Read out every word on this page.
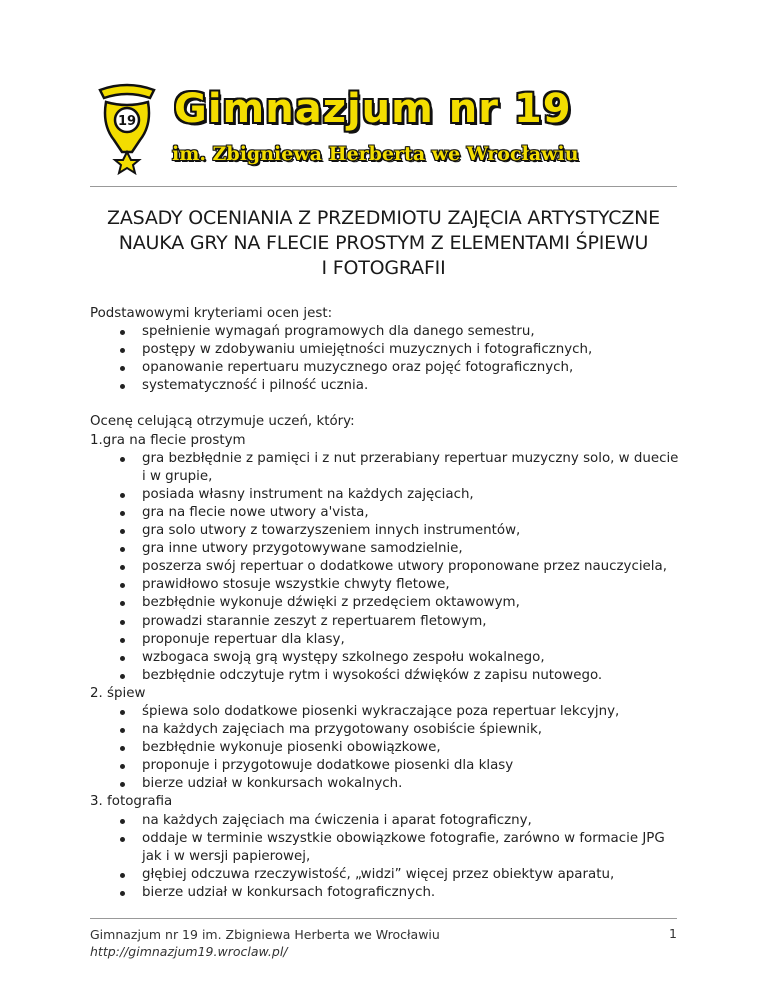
19 Gimnazjum nr 19

im. Zbigniewa Herberta we Wrocławiu

ZASADY OCENIANIA Z PRZEDMIOTU ZAJĘCIA ARTYSTYCZNE
NAUKA GRY NA FLECIE PROSTYM Z ELEMENTAMI ŚPIEWU
I FOTOGRAFII

Podstawowymi kryteriami ocen jest:

spełnienie wymagań programowych dla danego semestru,
postępy w zdobywaniu umiejętności muzycznych i fotograficznych,
opanowanie repertuaru muzycznego oraz pojęć fotograficznych,
systematyczność i pilność ucznia.

Ocenę celującą otrzymuje uczeń, który:

1.gra na flecie prostym

gra bezbłędnie z pamięci i z nut przerabiany repertuar muzyczny solo, w duecie i w grupie,
posiada własny instrument na każdych zajęciach,
gra na flecie nowe utwory a'vista,
gra solo utwory z towarzyszeniem innych instrumentów,
gra inne utwory przygotowywane samodzielnie,
poszerza swój repertuar o dodatkowe utwory proponowane przez nauczyciela,
prawidłowo stosuje wszystkie chwyty fletowe,
bezbłędnie wykonuje dźwięki z przedęciem oktawowym,
prowadzi starannie zeszyt z repertuarem fletowym,
proponuje repertuar dla klasy,
wzbogaca swoją grą występy szkolnego zespołu wokalnego,
bezbłędnie odczytuje rytm i wysokości dźwięków z zapisu nutowego.

2. śpiew

śpiewa solo dodatkowe piosenki wykraczające poza repertuar lekcyjny,
na każdych zajęciach ma przygotowany osobiście śpiewnik,
bezbłędnie wykonuje piosenki obowiązkowe,
proponuje i przygotowuje dodatkowe piosenki dla klasy
bierze udział w konkursach wokalnych.

3. fotografia

na każdych zajęciach ma ćwiczenia i aparat fotograficzny,
oddaje w terminie wszystkie obowiązkowe fotografie, zarówno w formacie JPG jak i w wersji papierowej,
głębiej odczuwa rzeczywistość, „widzi” więcej przez obiektyw aparatu,
bierze udział w konkursach fotograficznych.
Gimnazjum nr 19 im. Zbigniewa Herberta we Wrocławiu
http://gimnazjum19.wroclaw.pl/
1
